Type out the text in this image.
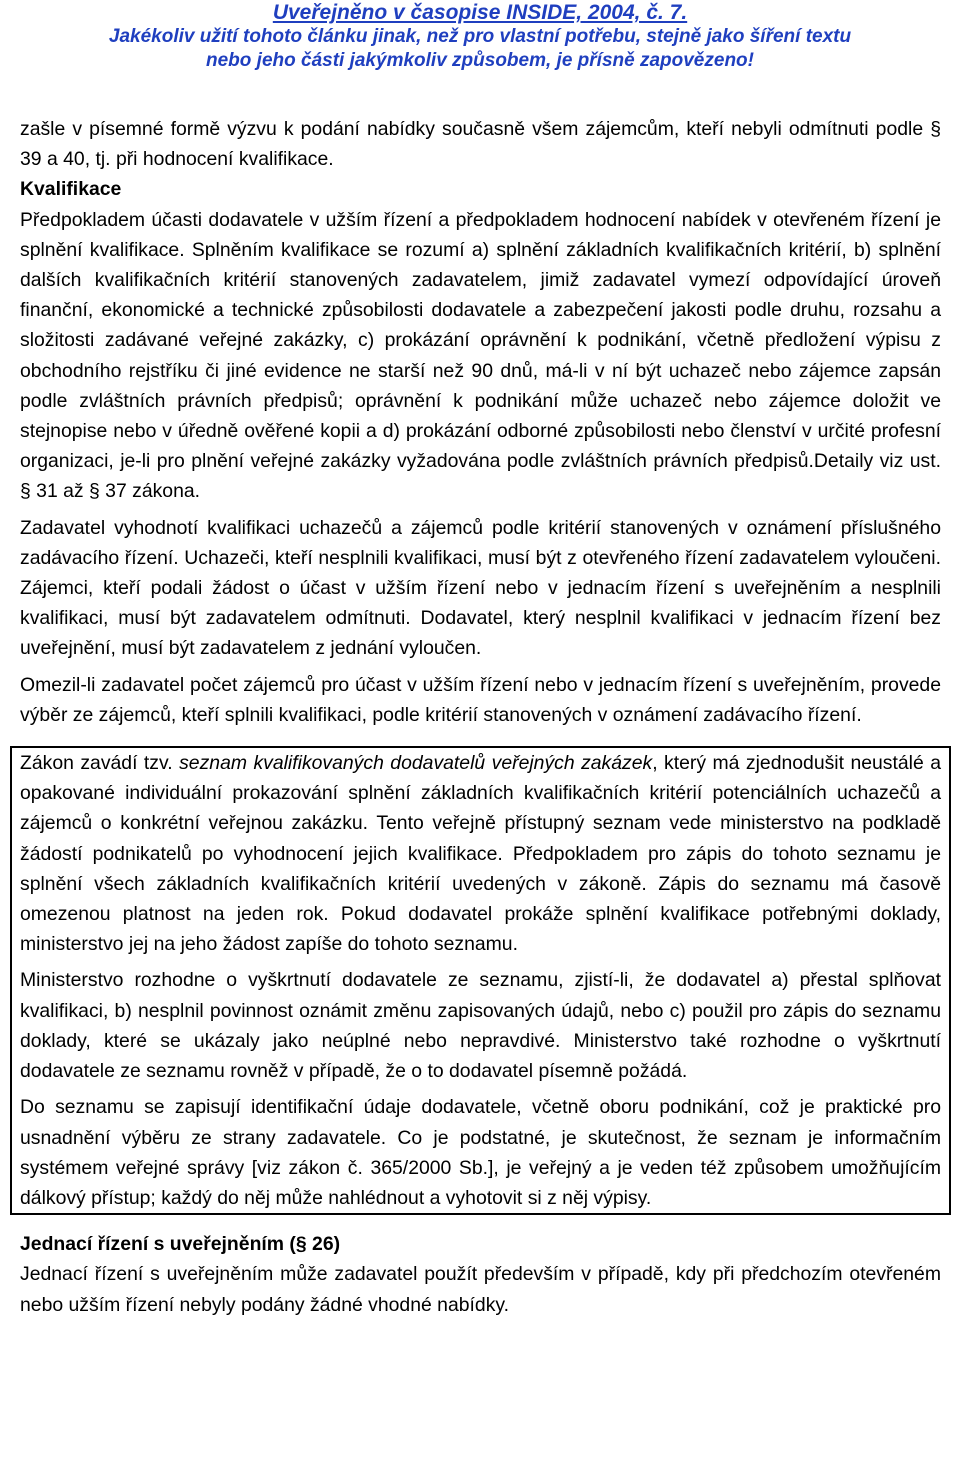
Uveřejněno v časopise INSIDE, 2004, č. 7.
Jakékoliv užití tohoto článku jinak, než pro vlastní potřebu, stejně jako šíření textu
nebo jeho části jakýmkoliv způsobem, je přísně zapovězeno!

zašle v písemné formě výzvu k podání nabídky současně všem zájemcům, kteří nebyli odmítnuti podle § 39 a 40, tj. při hodnocení kvalifikace.

Kvalifikace

Předpokladem účasti dodavatele v užším řízení a předpokladem hodnocení nabídek v otevřeném řízení je splnění kvalifikace. Splněním kvalifikace se rozumí a) splnění základních kvalifikačních kritérií, b) splnění dalších kvalifikačních kritérií stanovených zadavatelem, jimiž zadavatel vymezí odpovídající úroveň finanční, ekonomické a technické způsobilosti dodavatele a zabezpečení jakosti podle druhu, rozsahu a složitosti zadávané veřejné zakázky, c) prokázání oprávnění k podnikání, včetně předložení výpisu z obchodního rejstříku či jiné evidence ne starší než 90 dnů, má-li v ní být uchazeč nebo zájemce zapsán podle zvláštních právních předpisů; oprávnění k podnikání může uchazeč nebo zájemce doložit ve stejnopise nebo v úředně ověřené kopii a d) prokázání odborné způsobilosti nebo členství v určité profesní organizaci, je-li pro plnění veřejné zakázky vyžadována podle zvláštních právních předpisů.Detaily viz ust. § 31 až § 37 zákona.

Zadavatel vyhodnotí kvalifikaci uchazečů a zájemců podle kritérií stanovených v oznámení příslušného zadávacího řízení. Uchazeči, kteří nesplnili kvalifikaci, musí být z otevřeného řízení zadavatelem vyloučeni. Zájemci, kteří podali žádost o účast v užším řízení nebo v jednacím řízení s uveřejněním a nesplnili kvalifikaci, musí být zadavatelem odmítnuti. Dodavatel, který nesplnil kvalifikaci v jednacím řízení bez uveřejnění, musí být zadavatelem z jednání vyloučen.

Omezil-li zadavatel počet zájemců pro účast v užším řízení nebo v jednacím řízení s uveřejněním, provede výběr ze zájemců, kteří splnili kvalifikaci, podle kritérií stanovených v oznámení zadávacího řízení.

Zákon zavádí tzv. seznam kvalifikovaných dodavatelů veřejných zakázek, který má zjednodušit neustálé a opakované individuální prokazování splnění základních kvalifikačních kritérií potenciálních uchazečů a zájemců o konkrétní veřejnou zakázku. Tento veřejně přístupný seznam vede ministerstvo na podkladě žádostí podnikatelů po vyhodnocení jejich kvalifikace. Předpokladem pro zápis do tohoto seznamu je splnění všech základních kvalifikačních kritérií uvedených v zákoně. Zápis do seznamu má časově omezenou platnost na jeden rok. Pokud dodavatel prokáže splnění kvalifikace potřebnými doklady, ministerstvo jej na jeho žádost zapíše do tohoto seznamu.

Ministerstvo rozhodne o vyškrtnutí dodavatele ze seznamu, zjistí-li, že dodavatel a) přestal splňovat kvalifikaci, b) nesplnil povinnost oznámit změnu zapisovaných údajů, nebo c) použil pro zápis do seznamu doklady, které se ukázaly jako neúplné nebo nepravdivé. Ministerstvo také rozhodne o vyškrtnutí dodavatele ze seznamu rovněž v případě, že o to dodavatel písemně požádá.

Do seznamu se zapisují identifikační údaje dodavatele, včetně oboru podnikání, což je praktické pro usnadnění výběru ze strany zadavatele. Co je podstatné, je skutečnost, že seznam je informačním systémem veřejné správy [viz zákon č. 365/2000 Sb.], je veřejný a je veden též způsobem umožňujícím dálkový přístup; každý do něj může nahlédnout a vyhotovit si z něj výpisy.

Jednací řízení s uveřejněním (§ 26)

Jednací řízení s uveřejněním může zadavatel použít především v případě, kdy při předchozím otevřeném nebo užším řízení nebyly podány žádné vhodné nabídky.
